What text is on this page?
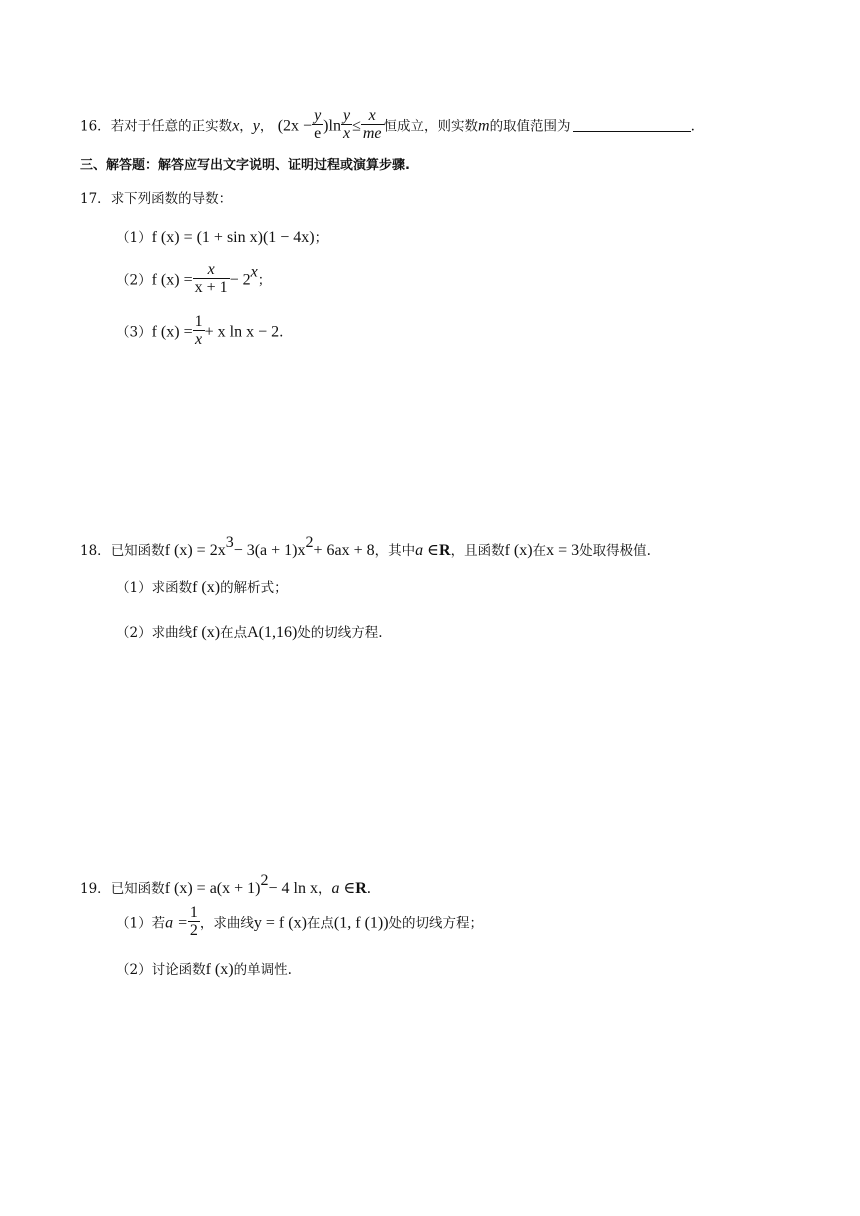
16．若对于任意的正实数x，y， $(2x - \frac{y}{e} )\ln \frac{y}{x} \le \frac{x}{me}$ 恒成立，则实数m的取值范围为	.
三、解答题：解答应写出文字说明、证明过程或演算步骤.
17．求下列函数的导数：
（1）f (x) = (1 + sin x)(1 − 4x)；
（2）f $(x) = \frac{x}{x + 1} - 2^x$；
（3）f $(x) = \frac{1}{x} + x$ ln x − 2.
18．已知函数f $(x) = 2x^3- 3(a + 1)x^2+ 6ax + 8$，其中a ∈R，且函数f (x)在x = 3处取得极值.
（1）求函数f (x)的解析式；
（2）求曲线f (x)在点A(1,16)处的切线方程.
19．已知函数f $(x) = a(x + 1)^2- 4$ ln x，a ∈R.
（1）若$a = \frac{1}{2}$ ，求曲线y = f (x)在点(1, f (1))处的切线方程；
（2）讨论函数f (x)的单调性.
